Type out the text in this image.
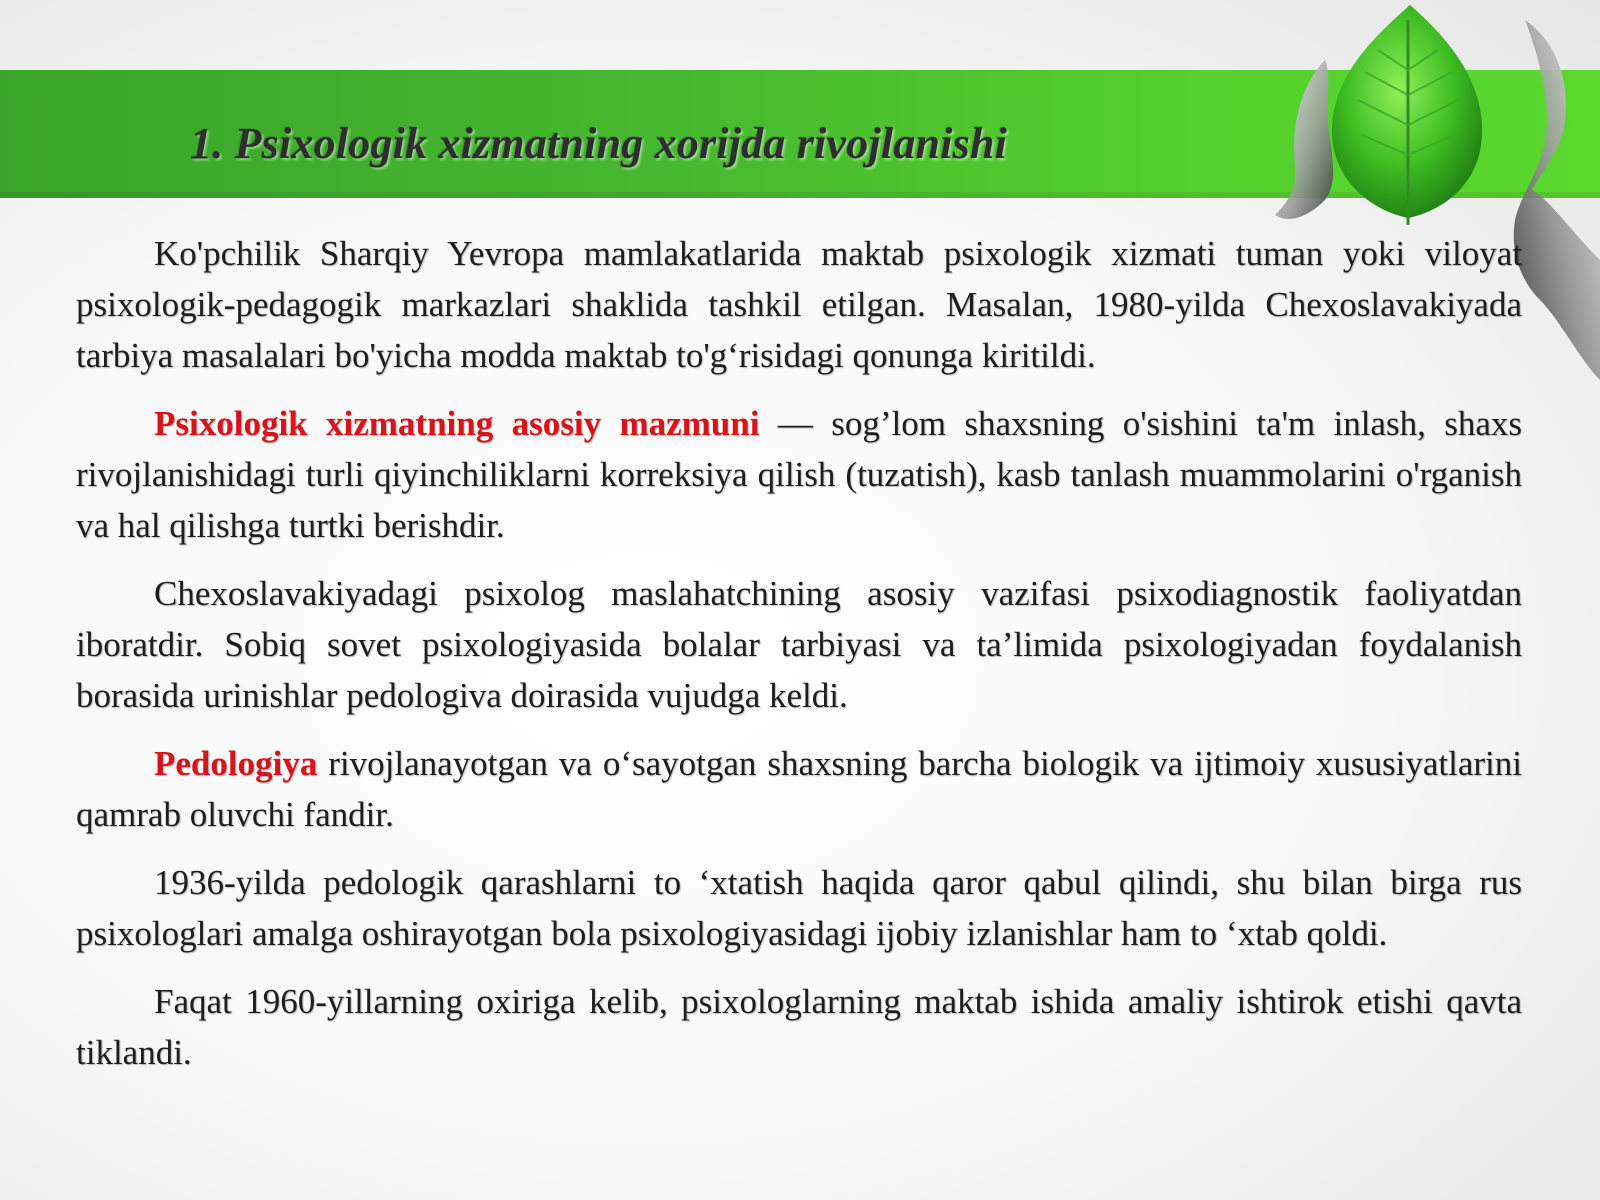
1. Psixologik xizmatning xorijda rivojlanishi

Ko'pchilik Sharqiy Yevropa mamlakatlarida maktab psixologik xizmati tuman yoki viloyat psixologik-pedagogik markazlari shaklida tashkil etilgan. Masalan, 1980-yilda Chexoslavakiyada tarbiya masalalari bo'yicha modda maktab to'g‘risidagi qonunga kiritildi.

Psixologik xizmatning asosiy mazmuni — sog’lom shaxsning o'sishini ta'm inlash, shaxs rivojlanishidagi turli qiyinchiliklarni korreksiya qilish (tuzatish), kasb tanlash muammolarini o'rganish va hal qilishga turtki berishdir.

Chexoslavakiyadagi psixolog maslahatchining asosiy vazifasi psixodiagnostik faoliyatdan iboratdir. Sobiq sovet psixologiyasida bolalar tarbiyasi va ta’limida psixologiyadan foydalanish borasida urinishlar pedologiva doirasida vujudga keldi.

Pedologiya rivojlanayotgan va o‘sayotgan shaxsning barcha biologik va ijtimoiy xususiyatlarini qamrab oluvchi fandir.

1936-yilda pedologik qarashlarni to ‘xtatish haqida qaror qabul qilindi, shu bilan birga rus psixologlari amalga oshirayotgan bola psixologiyasidagi ijobiy izlanishlar ham to ‘xtab qoldi.

Faqat 1960-yillarning oxiriga kelib, psixologlarning maktab ishida amaliy ishtirok etishi qavta tiklandi.
